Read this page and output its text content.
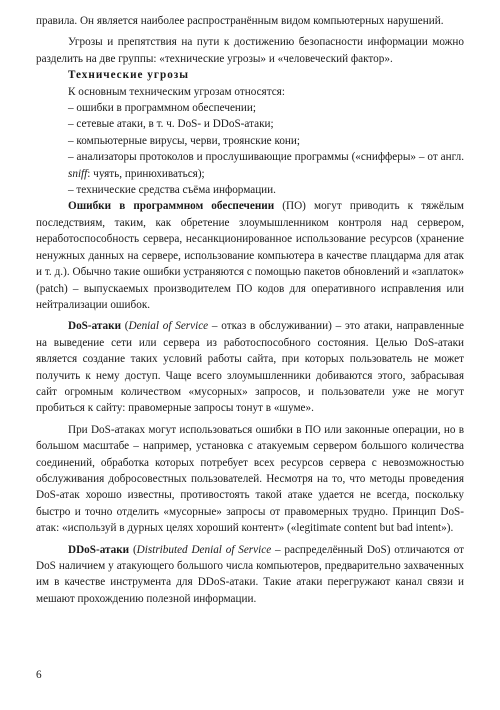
правила. Он является наиболее распространённым видом компьютерных нарушений.

Угрозы и препятствия на пути к достижению безопасности информации можно разделить на две группы: «технические угрозы» и «человеческий фактор».

Технические угрозы

К основным техническим угрозам относятся:

– ошибки в программном обеспечении;

– сетевые атаки, в т. ч. DoS- и DDoS-атаки;

– компьютерные вирусы, черви, троянские кони;

– анализаторы протоколов и прослушивающие программы («снифферы» – от англ. sniff: чуять, принюхиваться);

– технические средства съёма информации.

Ошибки в программном обеспечении (ПО) могут приводить к тяжёлым последствиям, таким, как обретение злоумышленником контроля над сервером, неработоспособность сервера, несанкционированное использование ресурсов (хранение ненужных данных на сервере, использование компьютера в качестве плацдарма для атак и т. д.). Обычно такие ошибки устраняются с помощью пакетов обновлений и «заплаток» (patch) – выпускаемых производителем ПО кодов для оперативного исправления или нейтрализации ошибок.

DoS-атаки (Denial of Service – отказ в обслуживании) – это атаки, направленные на выведение сети или сервера из работоспособного состояния. Целью DoS-атаки является создание таких условий работы сайта, при которых пользователь не может получить к нему доступ. Чаще всего злоумышленники добиваются этого, забрасывая сайт огромным количеством «мусорных» запросов, и пользователи уже не могут пробиться к сайту: правомерные запросы тонут в «шуме».

При DoS-атаках могут использоваться ошибки в ПО или законные операции, но в большом масштабе – например, установка с атакуемым сервером большого количества соединений, обработка которых потребует всех ресурсов сервера с невозможностью обслуживания добросовестных пользователей. Несмотря на то, что методы проведения DoS-атак хорошо известны, противостоять такой атаке удается не всегда, поскольку быстро и точно отделить «мусорные» запросы от правомерных трудно. Принцип DoS-атак: «используй в дурных целях хороший контент» («legitimate content but bad intent»).

DDoS-атаки (Distributed Denial of Service – распределённый DoS) отличаются от DoS наличием у атакующего большого числа компьютеров, предварительно захваченных им в качестве инструмента для DDoS-атаки. Такие атаки перегружают канал связи и мешают прохождению полезной информации.

6
